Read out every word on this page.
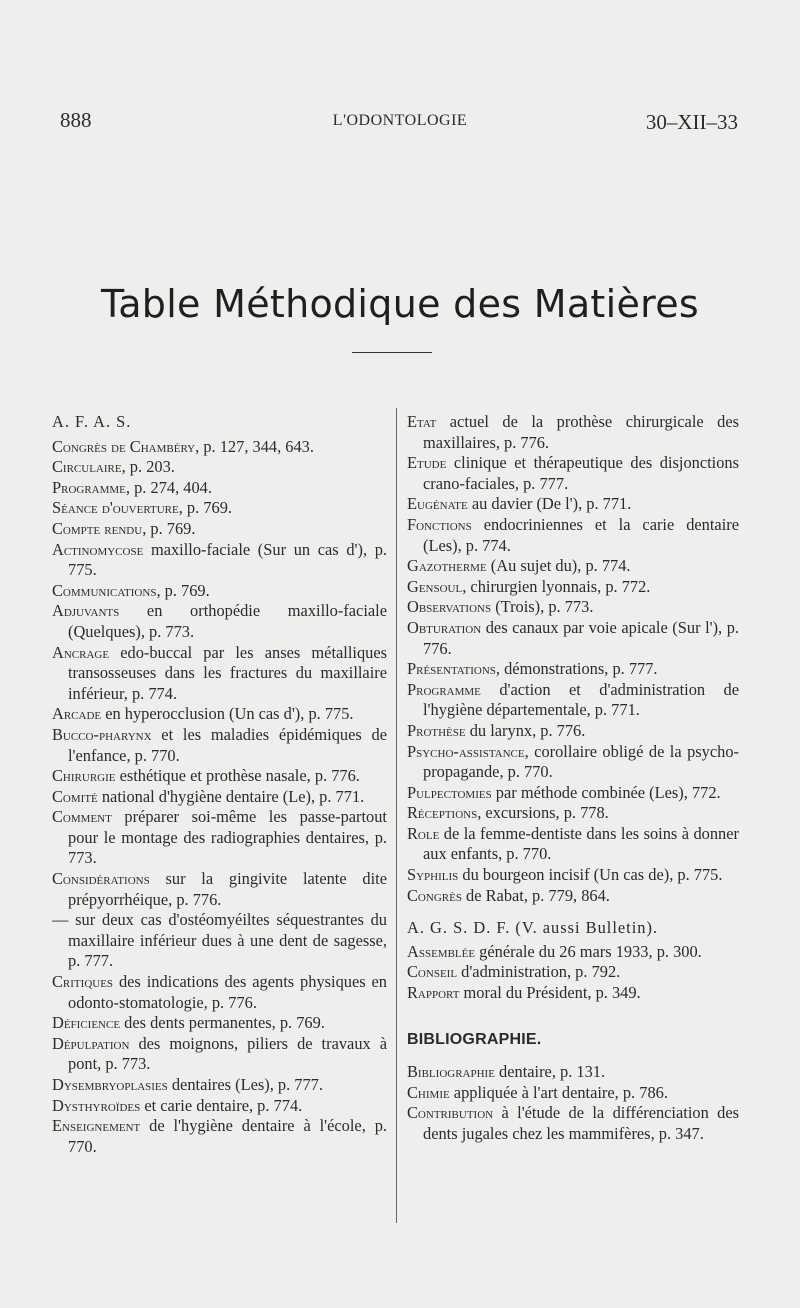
888	L'ODONTOLOGIE	30–XII–33
Table Méthodique des Matières
A. F. A. S.
Congrès de Chambéry, p. 127, 344, 643.
Circulaire, p. 203.
Programme, p. 274, 404.
Séance d'ouverture, p. 769.
Compte rendu, p. 769.
Actinomycose maxillo-faciale (Sur un cas d'), p. 775.
Communications, p. 769.
Adjuvants en orthopédie maxillo-faciale (Quelques), p. 773.
Ancrage edo-buccal par les anses métalliques transosseuses dans les fractures du maxillaire inférieur, p. 774.
Arcade en hyperocclusion (Un cas d'), p. 775.
Bucco-pharynx et les maladies épidémiques de l'enfance, p. 770.
Chirurgie esthétique et prothèse nasale, p. 776.
Comité national d'hygiène dentaire (Le), p. 771.
Comment préparer soi-même les passe-partout pour le montage des radiographies dentaires, p. 773.
Considérations sur la gingivite latente dite prépyorrhéique, p. 776.
— sur deux cas d'ostéomyéiltes séquestrantes du maxillaire inférieur dues à une dent de sagesse, p. 777.
Critiques des indications des agents physiques en odonto-stomatologie, p. 776.
Déficience des dents permanentes, p. 769.
Dépulpation des moignons, piliers de travaux à pont, p. 773.
Dysembryoplasies dentaires (Les), p. 777.
Dysthyroïdes et carie dentaire, p. 774.
Enseignement de l'hygiène dentaire à l'école, p. 770.
Etat actuel de la prothèse chirurgicale des maxillaires, p. 776.
Etude clinique et thérapeutique des disjonctions crano-faciales, p. 777.
Eugénate au davier (De l'), p. 771.
Fonctions endocriniennes et la carie dentaire (Les), p. 774.
Gazotherme (Au sujet du), p. 774.
Gensoul, chirurgien lyonnais, p. 772.
Observations (Trois), p. 773.
Obturation des canaux par voie apicale (Sur l'), p. 776.
Présentations, démonstrations, p. 777.
Programme d'action et d'administration de l'hygiène départementale, p. 771.
Prothèse du larynx, p. 776.
Psycho-assistance, corollaire obligé de la psycho-propagande, p. 770.
Pulpectomies par méthode combinée (Les), 772.
Réceptions, excursions, p. 778.
Role de la femme-dentiste dans les soins à donner aux enfants, p. 770.
Syphilis du bourgeon incisif (Un cas de), p. 775.
Congrès de Rabat, p. 779, 864.
A. G. S. D. F. (V. aussi Bulletin).
Assemblée générale du 26 mars 1933, p. 300.
Conseil d'administration, p. 792.
Rapport moral du Président, p. 349.
BIBLIOGRAPHIE.
Bibliographie dentaire, p. 131.
Chimie appliquée à l'art dentaire, p. 786.
Contribution à l'étude de la différenciation des dents jugales chez les mammifères, p. 347.
